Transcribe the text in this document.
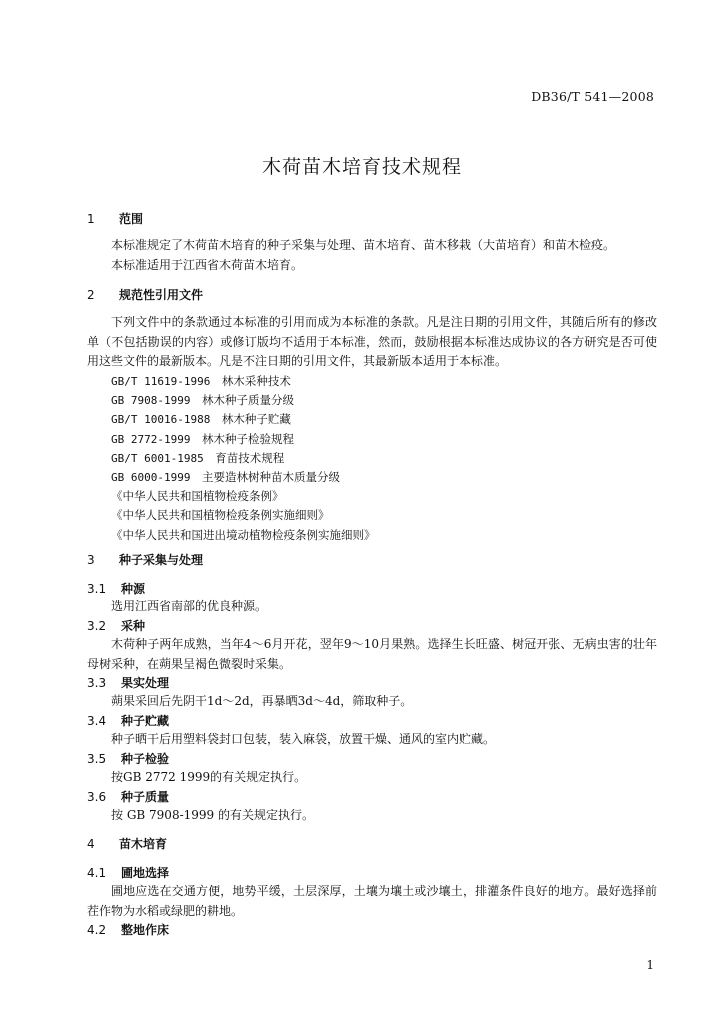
DB36/T 541—2008
木荷苗木培育技术规程
1 范围
本标准规定了木荷苗木培育的种子采集与处理、苗木培育、苗木移栽（大苗培育）和苗木检疫。
本标准适用于江西省木荷苗木培育。
2 规范性引用文件
下列文件中的条款通过本标准的引用而成为本标准的条款。凡是注日期的引用文件，其随后所有的修改单（不包括勘误的内容）或修订版均不适用于本标准，然而，鼓励根据本标准达成协议的各方研究是否可使用这些文件的最新版本。凡是不注日期的引用文件，其最新版本适用于本标准。
GB/T 11619-1996　 林木采种技术
GB 7908-1999　 林木种子质量分级
GB/T 10016-1988　 林木种子贮藏
GB 2772-1999　 林木种子检验规程
GB/T 6001-1985　 育苗技术规程
GB 6000-1999　 主要造林树种苗木质量分级
《中华人民共和国植物检疫条例》
《中华人民共和国植物检疫条例实施细则》
《中华人民共和国进出境动植物检疫条例实施细则》
3 种子采集与处理
3.1 种源
选用江西省南部的优良种源。
3.2 采种
木荷种子两年成熟，当年4～6月开花，翌年9～10月果熟。选择生长旺盛、树冠开张、无病虫害的壮年母树采种，在蒴果呈褐色微裂时采集。
3.3 果实处理
蒴果采回后先阴干1d～2d，再暴晒3d～4d，筛取种子。
3.4 种子贮藏
种子晒干后用塑料袋封口包装，装入麻袋，放置干燥、通风的室内贮藏。
3.5 种子检验
按GB 2772 1999的有关规定执行。
3.6 种子质量
按 GB 7908-1999 的有关规定执行。
4 苗木培育
4.1 圃地选择
圃地应选在交通方便，地势平缓，土层深厚，土壤为壤土或沙壤土，排灌条件良好的地方。最好选择前茬作物为水稻或绿肥的耕地。
4.2 整地作床
1
